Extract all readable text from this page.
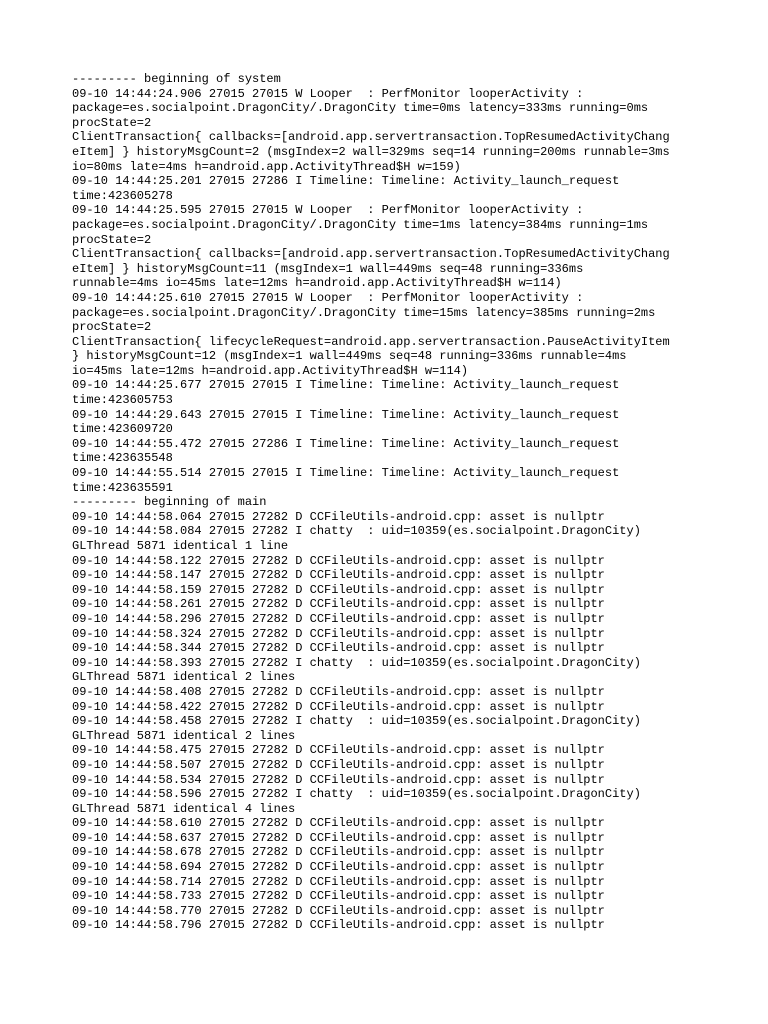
--------- beginning of system
09-10 14:44:24.906 27015 27015 W Looper  : PerfMonitor looperActivity :
package=es.socialpoint.DragonCity/.DragonCity time=0ms latency=333ms running=0ms
procState=2
ClientTransaction{ callbacks=[android.app.servertransaction.TopResumedActivityChang
eItem] } historyMsgCount=2 (msgIndex=2 wall=329ms seq=14 running=200ms runnable=3ms
io=80ms late=4ms h=android.app.ActivityThread$H w=159)
09-10 14:44:25.201 27015 27286 I Timeline: Timeline: Activity_launch_request
time:423605278
09-10 14:44:25.595 27015 27015 W Looper  : PerfMonitor looperActivity :
package=es.socialpoint.DragonCity/.DragonCity time=1ms latency=384ms running=1ms
procState=2
ClientTransaction{ callbacks=[android.app.servertransaction.TopResumedActivityChang
eItem] } historyMsgCount=11 (msgIndex=1 wall=449ms seq=48 running=336ms
runnable=4ms io=45ms late=12ms h=android.app.ActivityThread$H w=114)
09-10 14:44:25.610 27015 27015 W Looper  : PerfMonitor looperActivity :
package=es.socialpoint.DragonCity/.DragonCity time=15ms latency=385ms running=2ms
procState=2
ClientTransaction{ lifecycleRequest=android.app.servertransaction.PauseActivityItem
} historyMsgCount=12 (msgIndex=1 wall=449ms seq=48 running=336ms runnable=4ms
io=45ms late=12ms h=android.app.ActivityThread$H w=114)
09-10 14:44:25.677 27015 27015 I Timeline: Timeline: Activity_launch_request
time:423605753
09-10 14:44:29.643 27015 27015 I Timeline: Timeline: Activity_launch_request
time:423609720
09-10 14:44:55.472 27015 27286 I Timeline: Timeline: Activity_launch_request
time:423635548
09-10 14:44:55.514 27015 27015 I Timeline: Timeline: Activity_launch_request
time:423635591
--------- beginning of main
09-10 14:44:58.064 27015 27282 D CCFileUtils-android.cpp: asset is nullptr
09-10 14:44:58.084 27015 27282 I chatty  : uid=10359(es.socialpoint.DragonCity)
GLThread 5871 identical 1 line
09-10 14:44:58.122 27015 27282 D CCFileUtils-android.cpp: asset is nullptr
09-10 14:44:58.147 27015 27282 D CCFileUtils-android.cpp: asset is nullptr
09-10 14:44:58.159 27015 27282 D CCFileUtils-android.cpp: asset is nullptr
09-10 14:44:58.261 27015 27282 D CCFileUtils-android.cpp: asset is nullptr
09-10 14:44:58.296 27015 27282 D CCFileUtils-android.cpp: asset is nullptr
09-10 14:44:58.324 27015 27282 D CCFileUtils-android.cpp: asset is nullptr
09-10 14:44:58.344 27015 27282 D CCFileUtils-android.cpp: asset is nullptr
09-10 14:44:58.393 27015 27282 I chatty  : uid=10359(es.socialpoint.DragonCity)
GLThread 5871 identical 2 lines
09-10 14:44:58.408 27015 27282 D CCFileUtils-android.cpp: asset is nullptr
09-10 14:44:58.422 27015 27282 D CCFileUtils-android.cpp: asset is nullptr
09-10 14:44:58.458 27015 27282 I chatty  : uid=10359(es.socialpoint.DragonCity)
GLThread 5871 identical 2 lines
09-10 14:44:58.475 27015 27282 D CCFileUtils-android.cpp: asset is nullptr
09-10 14:44:58.507 27015 27282 D CCFileUtils-android.cpp: asset is nullptr
09-10 14:44:58.534 27015 27282 D CCFileUtils-android.cpp: asset is nullptr
09-10 14:44:58.596 27015 27282 I chatty  : uid=10359(es.socialpoint.DragonCity)
GLThread 5871 identical 4 lines
09-10 14:44:58.610 27015 27282 D CCFileUtils-android.cpp: asset is nullptr
09-10 14:44:58.637 27015 27282 D CCFileUtils-android.cpp: asset is nullptr
09-10 14:44:58.678 27015 27282 D CCFileUtils-android.cpp: asset is nullptr
09-10 14:44:58.694 27015 27282 D CCFileUtils-android.cpp: asset is nullptr
09-10 14:44:58.714 27015 27282 D CCFileUtils-android.cpp: asset is nullptr
09-10 14:44:58.733 27015 27282 D CCFileUtils-android.cpp: asset is nullptr
09-10 14:44:58.770 27015 27282 D CCFileUtils-android.cpp: asset is nullptr
09-10 14:44:58.796 27015 27282 D CCFileUtils-android.cpp: asset is nullptr
